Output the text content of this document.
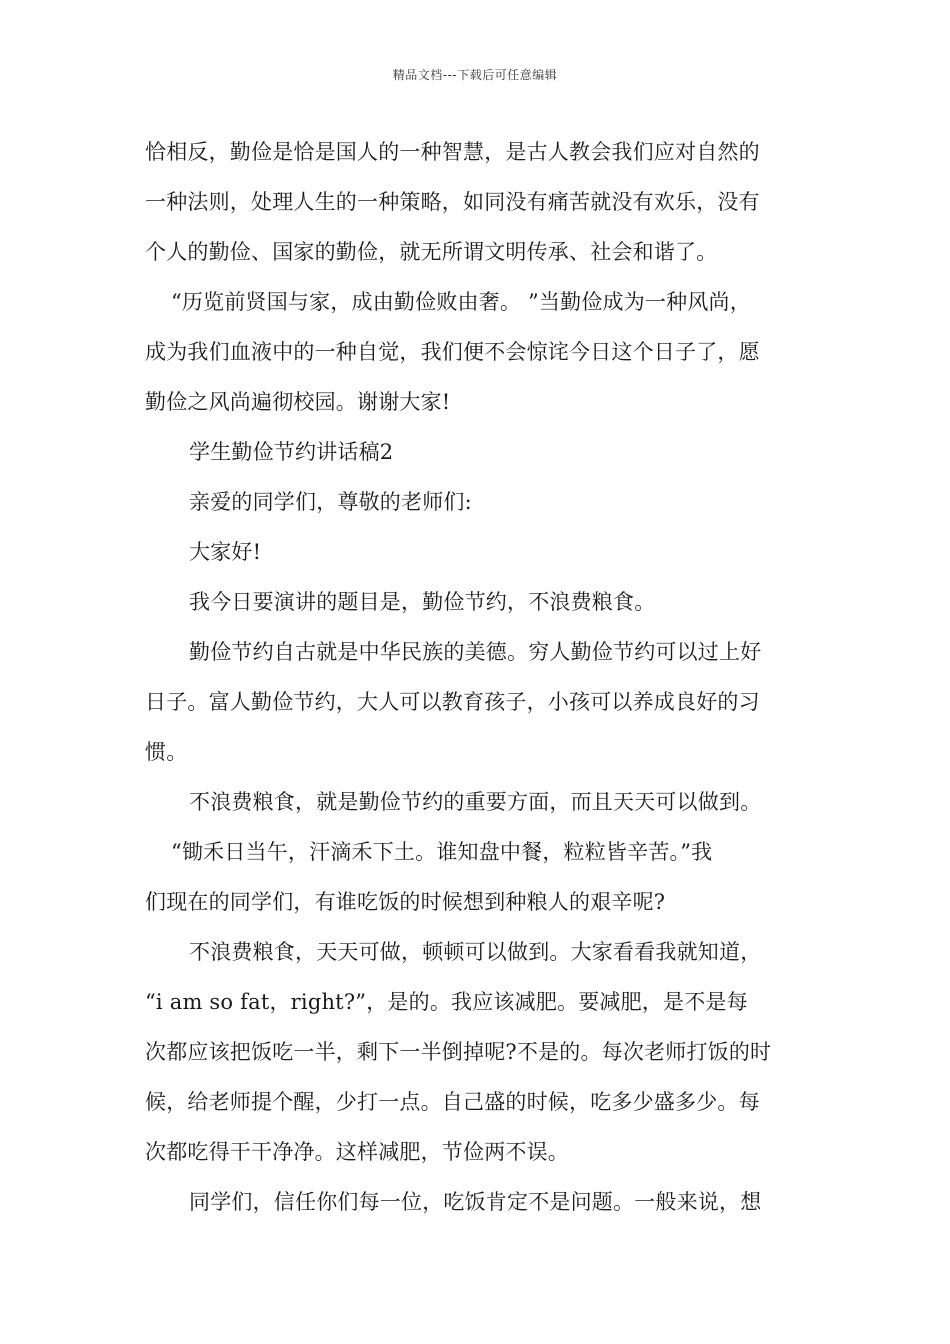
精品文档---下载后可任意编辑
恰相反，勤俭是恰是国人的一种智慧，是古人教会我们应对自然的
一种法则，处理人生的一种策略，如同没有痛苦就没有欢乐，没有
个人的勤俭、国家的勤俭，就无所谓文明传承、社会和谐了。
“历览前贤国与家，成由勤俭败由奢。 ”当勤俭成为一种风尚，
成为我们血液中的一种自觉，我们便不会惊诧今日这个日子了，愿
勤俭之风尚遍彻校园。谢谢大家!
学生勤俭节约讲话稿2
亲爱的同学们，尊敬的老师们:
大家好!
我今日要演讲的题目是，勤俭节约，不浪费粮食。
勤俭节约自古就是中华民族的美德。穷人勤俭节约可以过上好
日子。富人勤俭节约，大人可以教育孩子，小孩可以养成良好的习
惯。
不浪费粮食，就是勤俭节约的重要方面，而且天天可以做到。
“锄禾日当午，汗滴禾下土。谁知盘中餐，粒粒皆辛苦。”我
们现在的同学们，有谁吃饭的时候想到种粮人的艰辛呢?
不浪费粮食，天天可做，顿顿可以做到。大家看看我就知道，
“i am so fat，right?”，是的。我应该减肥。要减肥，是不是每
次都应该把饭吃一半，剩下一半倒掉呢?不是的。每次老师打饭的时
候，给老师提个醒，少打一点。自己盛的时候，吃多少盛多少。每
次都吃得干干净净。这样减肥，节俭两不误。
同学们，信任你们每一位，吃饭肯定不是问题。一般来说，想
